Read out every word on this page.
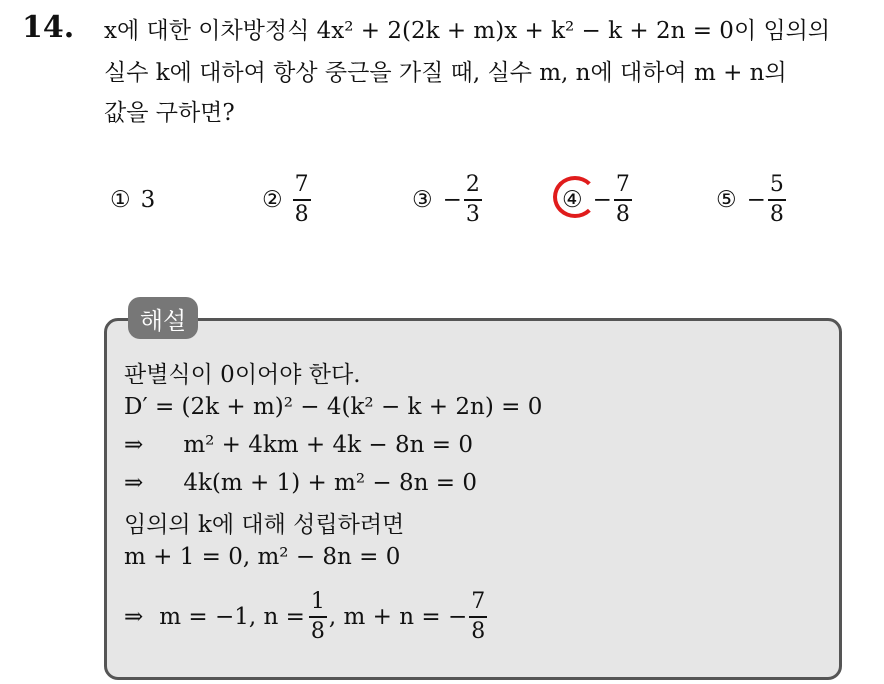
14. x에 대한 이차방정식 4x² + 2(2k + m)x + k² − k + 2n = 0이 임의의
실수 k에 대하여 항상 중근을 가질 때, 실수 m, n에 대하여 m + n의
값을 구하면?
① 3	② $\frac{7}{8}$	③ − $\frac{2}{3}$	④ − $\frac{7}{8}$	⑤ − $\frac{5}{8}$
해설
판별식이 0이어야 한다.
D′ = (2k + m)² − 4(k² − k + 2n) = 0
⇒ m² + 4km + 4k − 8n = 0
⇒ 4k(m + 1) + m² − 8n = 0
임의의 k에 대해 성립하려면
m + 1 = 0, m² − 8n = 0
⇒ m = −1, $n = \frac{1}{8}$ , m + n = − $\frac{7}{8}$
